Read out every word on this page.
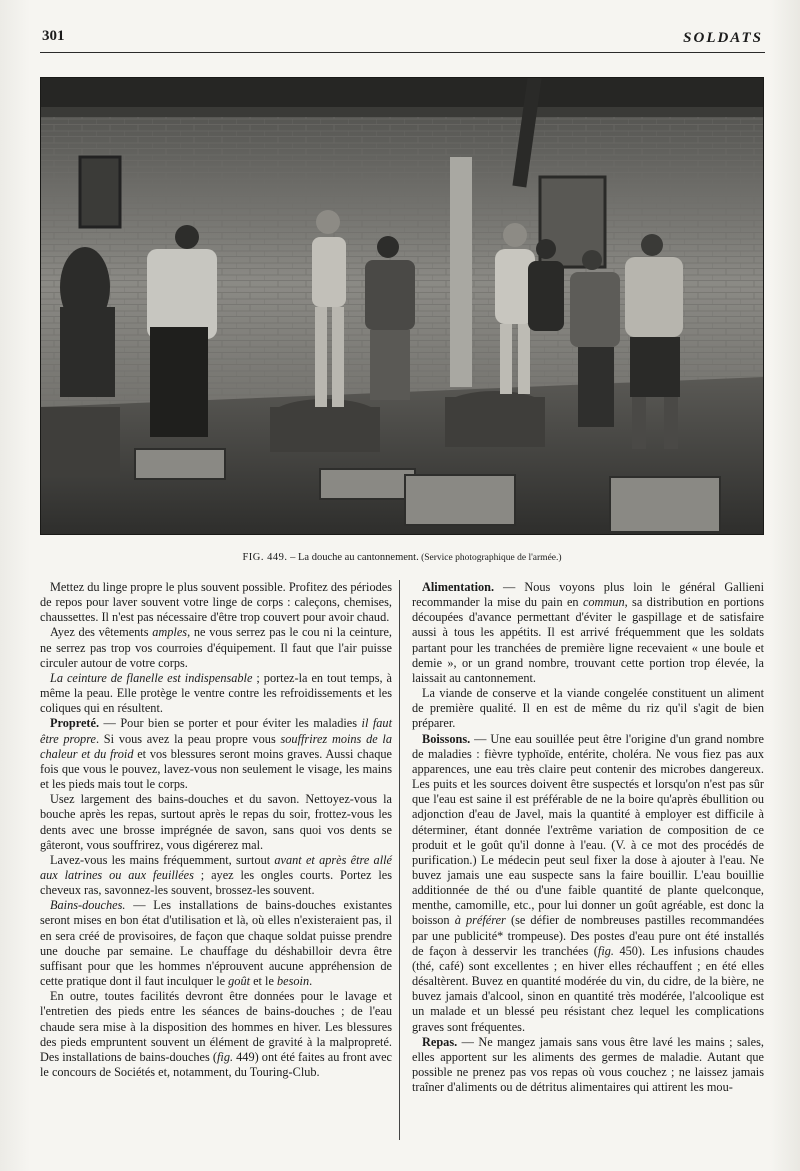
301	SOLDATS
FIG. 449. – La douche au cantonnement. (Service photographique de l'armée.)

Mettez du linge propre le plus souvent possible. Profitez des périodes de repos pour laver souvent votre linge de corps : caleçons, chemises, chaussettes. Il n'est pas nécessaire d'être trop couvert pour avoir chaud.

Ayez des vêtements amples, ne vous serrez pas le cou ni la ceinture, ne serrez pas trop vos courroies d'équipement. Il faut que l'air puisse circuler autour de votre corps.

La ceinture de flanelle est indispensable ; portez-la en tout temps, à même la peau. Elle protège le ventre contre les refroidissements et les coliques qui en résultent.

Propreté. — Pour bien se porter et pour éviter les maladies il faut être propre. Si vous avez la peau propre vous souffrirez moins de la chaleur et du froid et vos blessures seront moins graves. Aussi chaque fois que vous le pouvez, lavez-vous non seulement le visage, les mains et les pieds mais tout le corps.

Usez largement des bains-douches et du savon. Nettoyez-vous la bouche après les repas, surtout après le repas du soir, frottez-vous les dents avec une brosse imprégnée de savon, sans quoi vos dents se gâteront, vous souffrirez, vous digérerez mal.

Lavez-vous les mains fréquemment, surtout avant et après être allé aux latrines ou aux feuillées ; ayez les ongles courts. Portez les cheveux ras, savonnez-les souvent, brossez-les souvent.

Bains-douches. — Les installations de bains-douches existantes seront mises en bon état d'utilisation et là, où elles n'existeraient pas, il en sera créé de provisoires, de façon que chaque soldat puisse prendre une douche par semaine. Le chauffage du déshabilloir devra être suffisant pour que les hommes n'éprouvent aucune appréhension de cette pratique dont il faut inculquer le goût et le besoin.

En outre, toutes facilités devront être données pour le lavage et l'entretien des pieds entre les séances de bains-douches ; de l'eau chaude sera mise à la disposition des hommes en hiver. Les blessures des pieds empruntent souvent un élément de gravité à la malpropreté. Des installations de bains-douches (fig. 449) ont été faites au front avec le concours de Sociétés et, notamment, du Touring-Club.

Alimentation. — Nous voyons plus loin le général Gallieni recommander la mise du pain en commun, sa distribution en portions découpées d'avance permettant d'éviter le gaspillage et de satisfaire aussi à tous les appétits. Il est arrivé fréquemment que les soldats partant pour les tranchées de première ligne recevaient « une boule et demie », or un grand nombre, trouvant cette portion trop élevée, la laissait au cantonnement.

La viande de conserve et la viande congelée constituent un aliment de première qualité. Il en est de même du riz qu'il s'agit de bien préparer.

Boissons. — Une eau souillée peut être l'origine d'un grand nombre de maladies : fièvre typhoïde, entérite, choléra. Ne vous fiez pas aux apparences, une eau très claire peut contenir des microbes dangereux. Les puits et les sources doivent être suspectés et lorsqu'on n'est pas sûr que l'eau est saine il est préférable de ne la boire qu'après ébullition ou adjonction d'eau de Javel, mais la quantité à employer est difficile à déterminer, étant donnée l'extrême variation de composition de ce produit et le goût qu'il donne à l'eau. (V. à ce mot des procédés de purification.) Le médecin peut seul fixer la dose à ajouter à l'eau. Ne buvez jamais une eau suspecte sans la faire bouillir. L'eau bouillie additionnée de thé ou d'une faible quantité de plante quelconque, menthe, camomille, etc., pour lui donner un goût agréable, est donc la boisson à préférer (se défier de nombreuses pastilles recommandées par une publicité* trompeuse). Des postes d'eau pure ont été installés de façon à desservir les tranchées (fig. 450). Les infusions chaudes (thé, café) sont excellentes ; en hiver elles réchauffent ; en été elles désaltèrent. Buvez en quantité modérée du vin, du cidre, de la bière, ne buvez jamais d'alcool, sinon en quantité très modérée, l'alcoolique est un malade et un blessé peu résistant chez lequel les complications graves sont fréquentes.

Repas. — Ne mangez jamais sans vous être lavé les mains ; sales, elles apportent sur les aliments des germes de maladie. Autant que possible ne prenez pas vos repas où vous couchez ; ne laissez jamais traîner d'aliments ou de détritus alimentaires qui attirent les mou-
